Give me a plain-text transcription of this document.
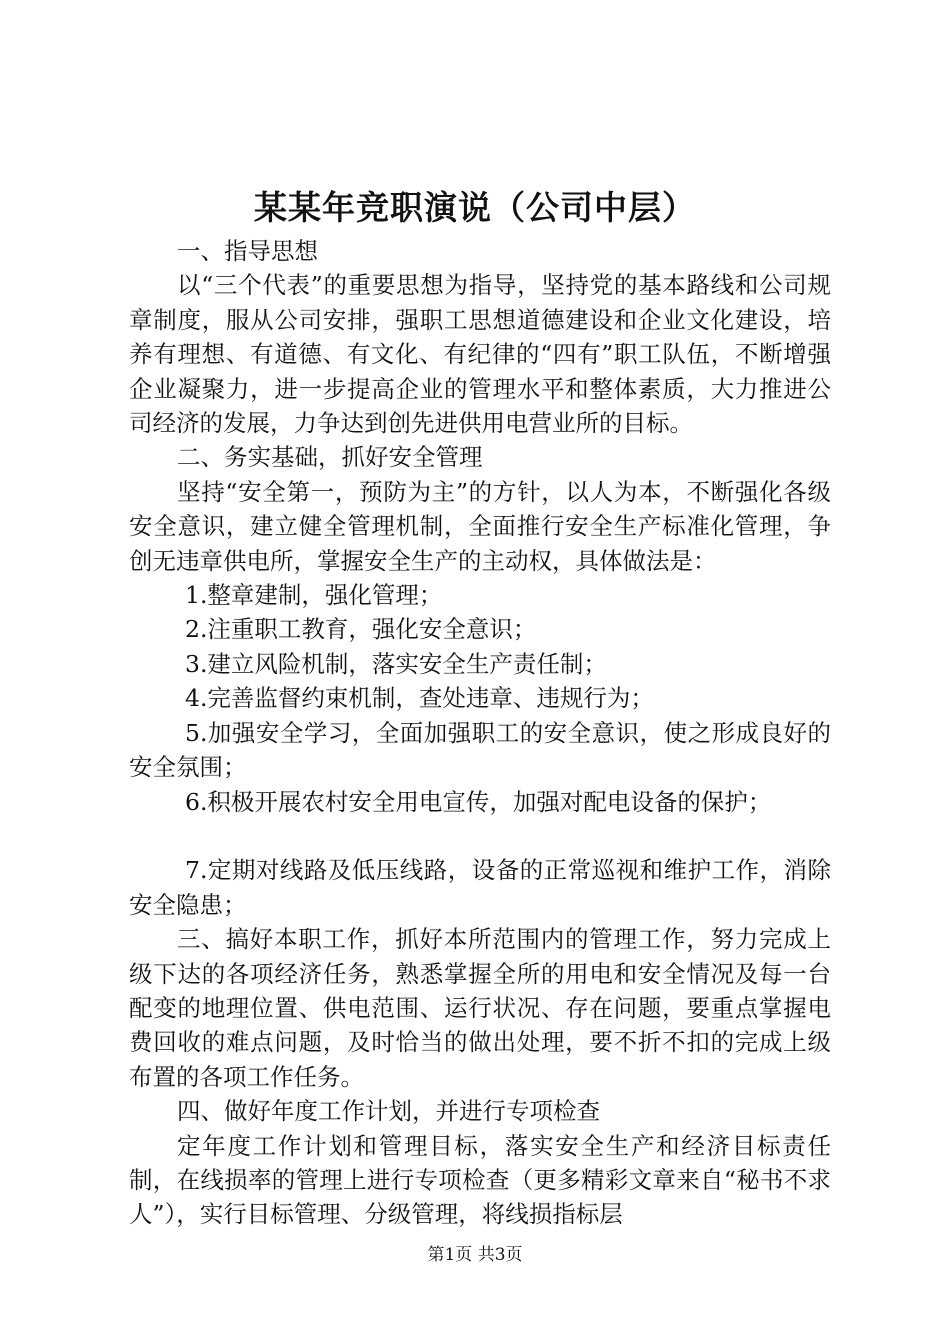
某某年竞职演说（公司中层）

一、指导思想

以“三个代表”的重要思想为指导，坚持党的基本路线和公司规章制度，服从公司安排，强职工思想道德建设和企业文化建设，培养有理想、有道德、有文化、有纪律的“四有”职工队伍，不断增强企业凝聚力，进一步提高企业的管理水平和整体素质，大力推进公司经济的发展，力争达到创先进供用电营业所的目标。

二、务实基础，抓好安全管理

坚持“安全第一，预防为主”的方针，以人为本，不断强化各级安全意识，建立健全管理机制，全面推行安全生产标准化管理，争创无违章供电所，掌握安全生产的主动权，具体做法是：

1.整章建制，强化管理；

2.注重职工教育，强化安全意识；

3.建立风险机制，落实安全生产责任制；

4.完善监督约束机制，查处违章、违规行为；

5.加强安全学习，全面加强职工的安全意识，使之形成良好的安全氛围；

6.积极开展农村安全用电宣传，加强对配电设备的保护；

7.定期对线路及低压线路，设备的正常巡视和维护工作，消除安全隐患；

三、搞好本职工作，抓好本所范围内的管理工作，努力完成上级下达的各项经济任务，熟悉掌握全所的用电和安全情况及每一台配变的地理位置、供电范围、运行状况、存在问题，要重点掌握电费回收的难点问题，及时恰当的做出处理，要不折不扣的完成上级布置的各项工作任务。

四、做好年度工作计划，并进行专项检查

定年度工作计划和管理目标，落实安全生产和经济目标责任制，在线损率的管理上进行专项检查（更多精彩文章来自“秘书不求人”），实行目标管理、分级管理，将线损指标层

第1页 共3页
